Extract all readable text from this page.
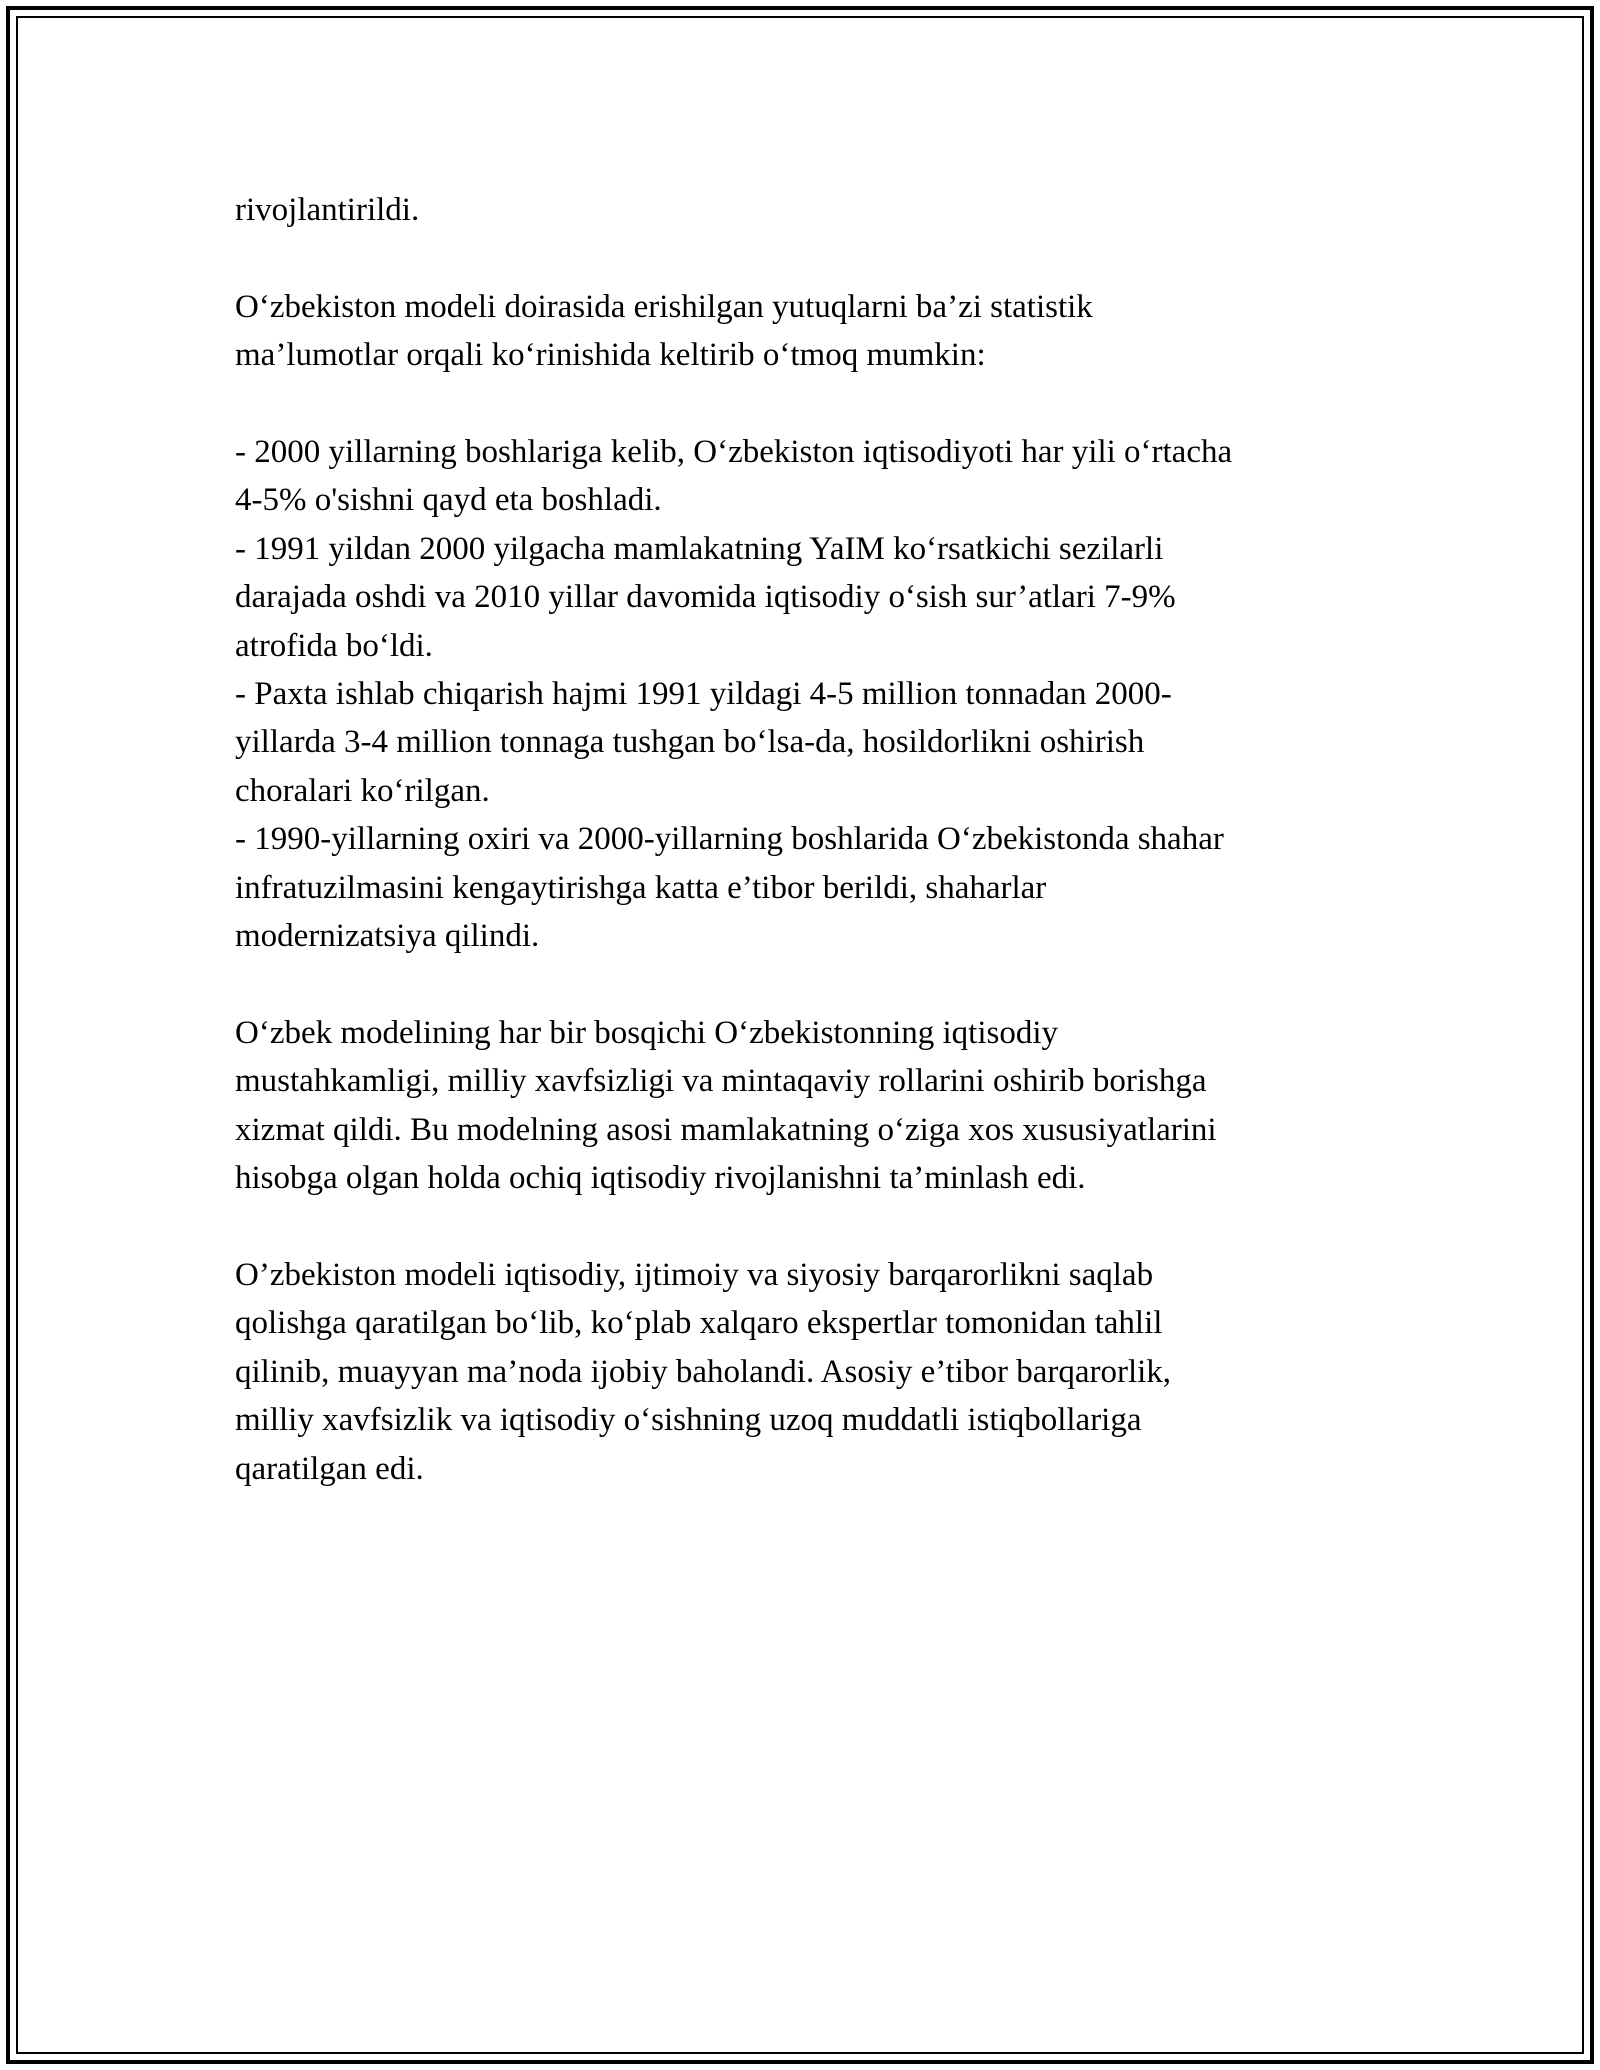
rivojlantirildi.

O‘zbekiston modeli doirasida erishilgan yutuqlarni ba’zi statistik

ma’lumotlar orqali ko‘rinishida keltirib o‘tmoq mumkin:

- 2000 yillarning boshlariga kelib, O‘zbekiston iqtisodiyoti har yili o‘rtacha

4-5% o'sishni qayd eta boshladi.

- 1991 yildan 2000 yilgacha mamlakatning YaIM ko‘rsatkichi sezilarli

darajada oshdi va 2010 yillar davomida iqtisodiy o‘sish sur’atlari 7-9%

atrofida bo‘ldi.

- Paxta ishlab chiqarish hajmi 1991 yildagi 4-5 million tonnadan 2000-

yillarda 3-4 million tonnaga tushgan bo‘lsa-da, hosildorlikni oshirish

choralari ko‘rilgan.

- 1990-yillarning oxiri va 2000-yillarning boshlarida O‘zbekistonda shahar

infratuzilmasini kengaytirishga katta e’tibor berildi, shaharlar

modernizatsiya qilindi.

O‘zbek modelining har bir bosqichi O‘zbekistonning iqtisodiy

mustahkamligi, milliy xavfsizligi va mintaqaviy rollarini oshirib borishga

xizmat qildi. Bu modelning asosi mamlakatning o‘ziga xos xususiyatlarini

hisobga olgan holda ochiq iqtisodiy rivojlanishni ta’minlash edi.

O’zbekiston modeli iqtisodiy, ijtimoiy va siyosiy barqarorlikni saqlab

qolishga qaratilgan bo‘lib, ko‘plab xalqaro ekspertlar tomonidan tahlil

qilinib, muayyan ma’noda ijobiy baholandi. Asosiy e’tibor barqarorlik,

milliy xavfsizlik va iqtisodiy o‘sishning uzoq muddatli istiqbollariga

qaratilgan edi.
